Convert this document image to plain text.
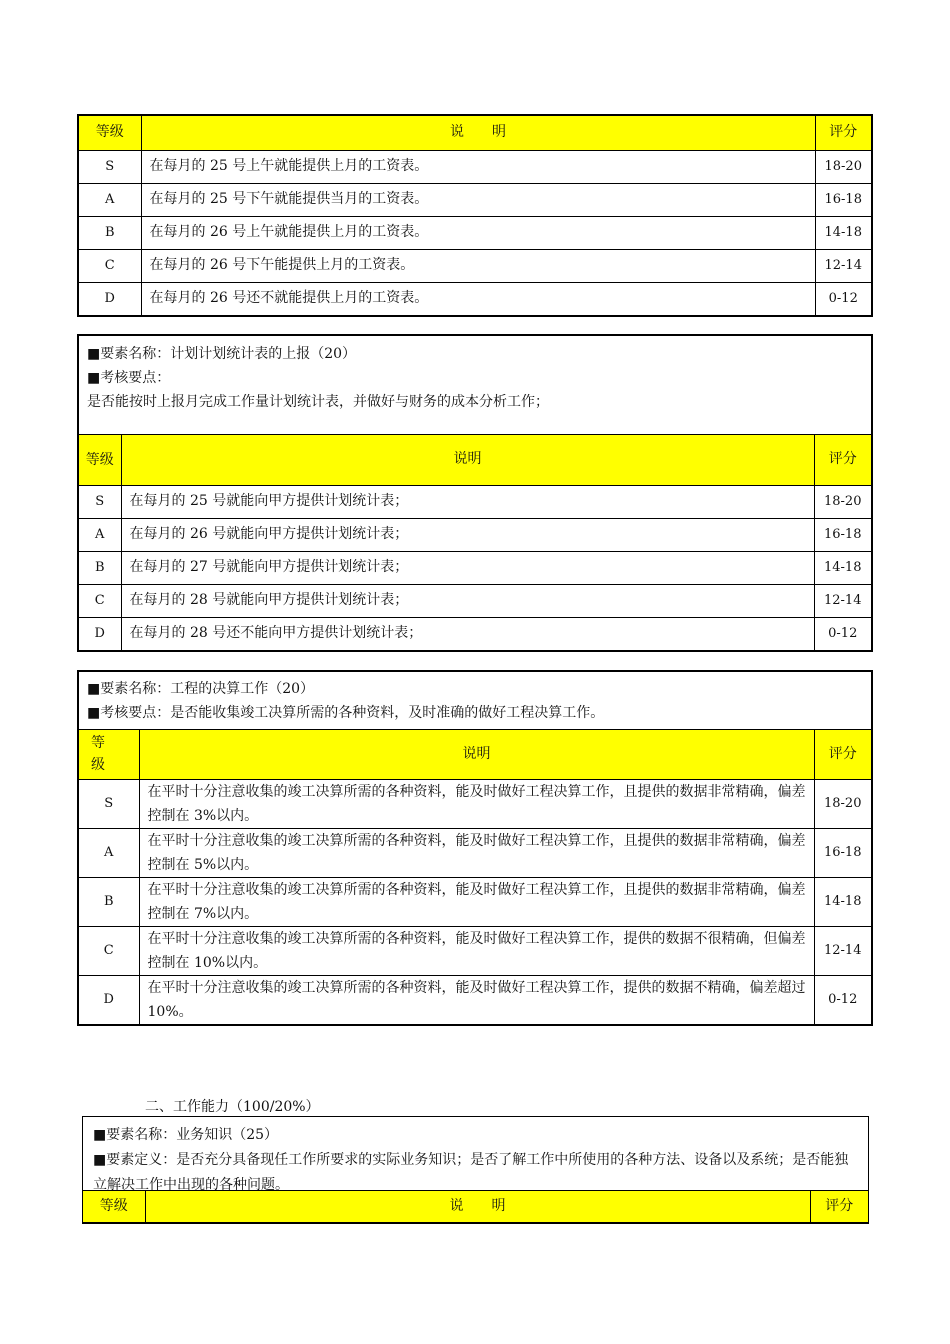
等级	说　　明	评分
S	在每月的 25 号上午就能提供上月的工资表。	18-20
A	在每月的 25 号下午就能提供当月的工资表。	16-18
B	在每月的 26 号上午就能提供上月的工资表。	14-18
C	在每月的 26 号下午能提供上月的工资表。	12-14
D	在每月的 26 号还不就能提供上月的工资表。	0-12
■要素名称：计划计划统计表的上报（20）
■考核要点：
是否能按时上报月完成工作量计划统计表，并做好与财务的成本分析工作；
等级	说明	评分
S	在每月的 25 号就能向甲方提供计划统计表；	18-20
A	在每月的 26 号就能向甲方提供计划统计表；	16-18
B	在每月的 27 号就能向甲方提供计划统计表；	14-18
C	在每月的 28 号就能向甲方提供计划统计表；	12-14
D	在每月的 28 号还不能向甲方提供计划统计表；	0-12
■要素名称：工程的决算工作（20）
■考核要点：是否能收集竣工决算所需的各种资料，及时准确的做好工程决算工作。
等级	说明	评分
S	在平时十分注意收集的竣工决算所需的各种资料，能及时做好工程决算工作，且提供的数据非常精确，偏差控制在 3%以内。	18-20
A	在平时十分注意收集的竣工决算所需的各种资料，能及时做好工程决算工作，且提供的数据非常精确，偏差控制在 5%以内。	16-18
B	在平时十分注意收集的竣工决算所需的各种资料，能及时做好工程决算工作，且提供的数据非常精确，偏差控制在 7%以内。	14-18
C	在平时十分注意收集的竣工决算所需的各种资料，能及时做好工程决算工作，提供的数据不很精确，但偏差控制在 10%以内。	12-14
D	在平时十分注意收集的竣工决算所需的各种资料，能及时做好工程决算工作，提供的数据不精确，偏差超过 10%。	0-12
二、工作能力（100/20%）
■要素名称：业务知识（25）
■要素定义：是否充分具备现任工作所要求的实际业务知识；是否了解工作中所使用的各种方法、设备以及系统；是否能独立解决工作中出现的各种问题。
等级	说　　明	评分
